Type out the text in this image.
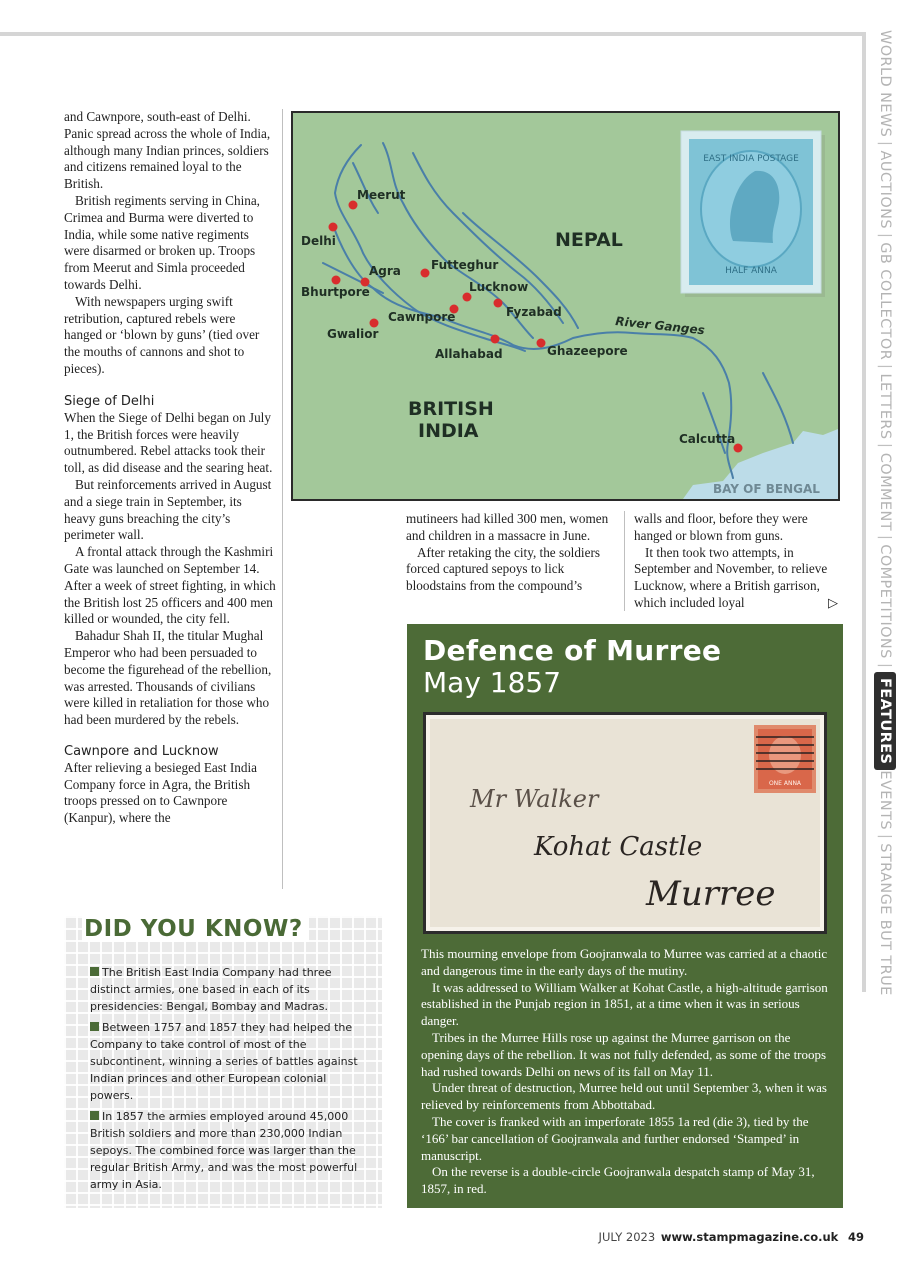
WORLD NEWS|AUCTIONS|GB COLLECTOR|LETTERS|COMMENT|COMPETITIONS|FEATURESEVENTS|STRANGE BUT TRUE

and Cawnpore, south-east of Delhi. Panic spread across the whole of India, although many Indian princes, soldiers and citizens remained loyal to the British.

British regiments serving in China, Crimea and Burma were diverted to India, while some native regiments were disarmed or broken up. Troops from Meerut and Simla proceeded towards Delhi.

With newspapers urging swift retribution, captured rebels were hanged or ‘blown by guns’ (tied over the mouths of cannons and shot to pieces).

Siege of Delhi

When the Siege of Delhi began on July 1, the British forces were heavily outnumbered. Rebel attacks took their toll, as did disease and the searing heat.

But reinforcements arrived in August and a siege train in September, its heavy guns breaching the city’s perimeter wall.

A frontal attack through the Kashmiri Gate was launched on September 14. After a week of street fighting, in which the British lost 25 officers and 400 men killed or wounded, the city fell.

Bahadur Shah II, the titular Mughal Emperor who had been persuaded to become the figurehead of the rebellion, was arrested. Thousands of civilians were killed in retaliation for those who had been murdered by the rebels.

Cawnpore and Lucknow

After relieving a besieged East India Company force in Agra, the British troops pressed on to Cawnpore (Kanpur), where the

EAST INDIA POSTAGE
HALF ANNA
NEPAL
BRITISH
INDIA
BAY OF BENGAL
River Ganges
Meerut
Delhi
Agra
Bhurtpore
Gwalior
Cawnpore
Futteghur
Lucknow
Fyzabad
Allahabad	Ghazeepore
Calcutta

mutineers had killed 300 men, women and children in a massacre in June.

After retaking the city, the soldiers forced captured sepoys to lick bloodstains from the compound’s

walls and floor, before they were hanged or blown from guns.

It then took two attempts, in September and November, to relieve Lucknow, where a British garrison, which included loyal	▷
Defence of Murree
May 1857
ONE ANNA
Mr Walker
Kohat Castle
Murree

This mourning envelope from Goojranwala to Murree was carried at a chaotic and dangerous time in the early days of the mutiny.

It was addressed to William Walker at Kohat Castle, a high-altitude garrison established in the Punjab region in 1851, at a time when it was in serious danger.

Tribes in the Murree Hills rose up against the Murree garrison on the opening days of the rebellion. It was not fully defended, as some of the troops had rushed towards Delhi on news of its fall on May 11.

Under threat of destruction, Murree held out until September 3, when it was relieved by reinforcements from Abbottabad.

The cover is franked with an imperforate 1855 1a red (die 3), tied by the ‘166’ bar cancellation of Goojranwala and further endorsed ‘Stamped’ in manuscript.

On the reverse is a double-circle Goojranwala despatch stamp of May 31, 1857, in red.

DID YOU KNOW?
The British East India Company had three distinct armies, one based in each of its presidencies: Bengal, Bombay and Madras.
Between 1757 and 1857 they had helped the Company to take control of most of the subcontinent, winning a series of battles against Indian princes and other European colonial powers.
In 1857 the armies employed around 45,000 British soldiers and more than 230,000 Indian sepoys. The combined force was larger than the regular British Army, and was the most powerful army in Asia.
JULY 2023 www.stampmagazine.co.uk 49
